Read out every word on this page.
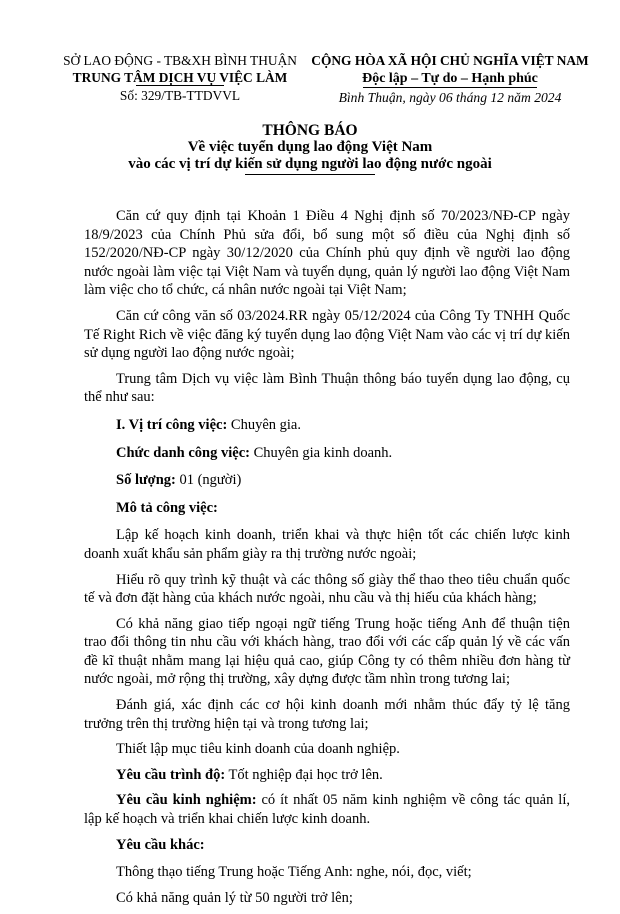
SỞ LAO ĐỘNG - TB&XH BÌNH THUẬN
TRUNG TÂM DỊCH VỤ VIỆC LÀM
Số: 329/TB-TTDVVL
CỘNG HÒA XÃ HỘI CHỦ NGHĨA VIỆT NAM
Độc lập – Tự do – Hạnh phúc
Bình Thuận, ngày 06 tháng 12 năm 2024
THÔNG BÁO
Về việc tuyển dụng lao động Việt Nam
vào các vị trí dự kiến sử dụng người lao động nước ngoài

Căn cứ quy định tại Khoản 1 Điều 4 Nghị định số 70/2023/NĐ-CP ngày 18/9/2023 của Chính Phủ sửa đổi, bổ sung một số điều của Nghị định số 152/2020/NĐ-CP ngày 30/12/2020 của Chính phủ quy định về người lao động nước ngoài làm việc tại Việt Nam và tuyển dụng, quản lý người lao động Việt Nam làm việc cho tổ chức, cá nhân nước ngoài tại Việt Nam;

Căn cứ công văn số 03/2024.RR ngày 05/12/2024 của Công Ty TNHH Quốc Tế Right Rich về việc đăng ký tuyển dụng lao động Việt Nam vào các vị trí dự kiến sử dụng người lao động nước ngoài;

Trung tâm Dịch vụ việc làm Bình Thuận thông báo tuyển dụng lao động, cụ thể như sau:

I. Vị trí công việc: Chuyên gia.

Chức danh công việc: Chuyên gia kinh doanh.

Số lượng: 01 (người)

Mô tả công việc:

Lập kế hoạch kinh doanh, triển khai và thực hiện tốt các chiến lược kinh doanh xuất khẩu sản phẩm giày ra thị trường nước ngoài;

Hiểu rõ quy trình kỹ thuật và các thông số giày thể thao theo tiêu chuẩn quốc tế và đơn đặt hàng của khách nước ngoài, nhu cầu và thị hiếu của khách hàng;

Có khả năng giao tiếp ngoại ngữ tiếng Trung hoặc tiếng Anh để thuận tiện trao đổi thông tin nhu cầu với khách hàng, trao đổi với các cấp quản lý về các vấn đề kĩ thuật nhằm mang lại hiệu quả cao, giúp Công ty có thêm nhiều đơn hàng từ nước ngoài, mở rộng thị trường, xây dựng được tầm nhìn trong tương lai;

Đánh giá, xác định các cơ hội kinh doanh mới nhằm thúc đẩy tỷ lệ tăng trưởng trên thị trường hiện tại và trong tương lai;

Thiết lập mục tiêu kinh doanh của doanh nghiệp.

Yêu cầu trình độ: Tốt nghiệp đại học trở lên.

Yêu cầu kinh nghiệm: có ít nhất 05 năm kinh nghiệm về công tác quản lí, lập kế hoạch và triển khai chiến lược kinh doanh.

Yêu cầu khác:

Thông thạo tiếng Trung hoặc Tiếng Anh: nghe, nói, đọc, viết;

Có khả năng quản lý từ 50 người trở lên;
